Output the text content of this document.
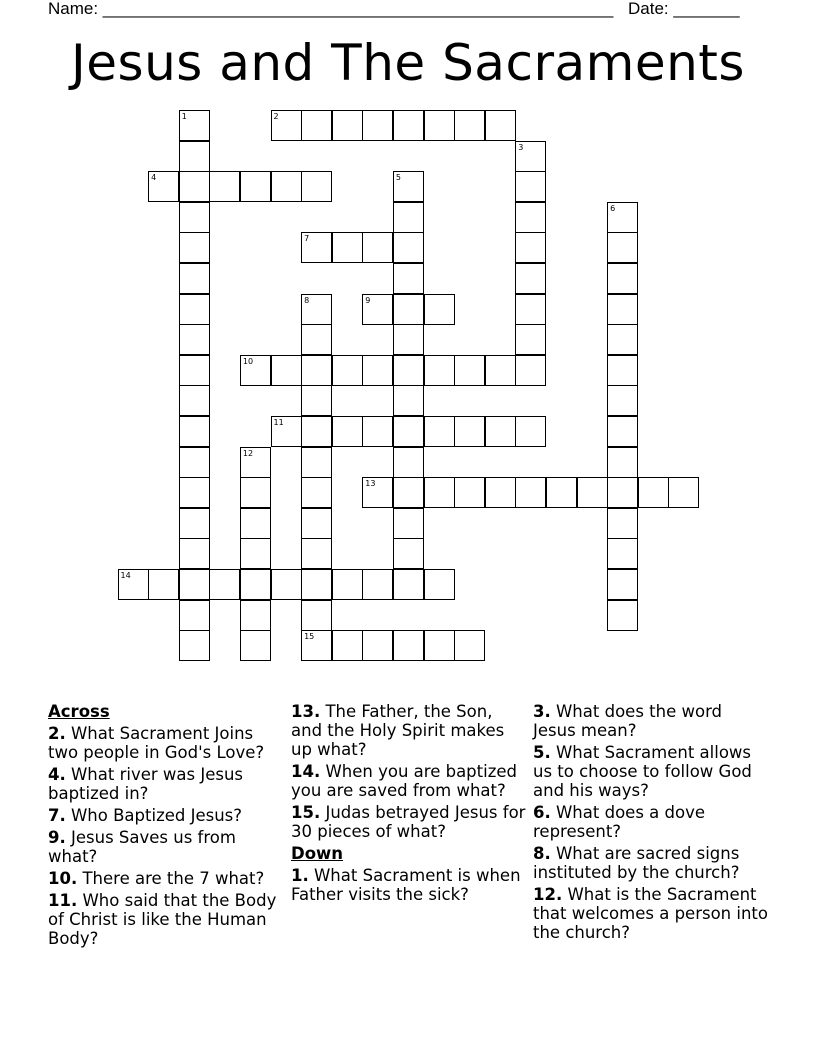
Name: ______________________________________________________ Date: _______
Jesus and The Sacraments
1	2
3
4	5
6
7
8
15
9
10
11
12
13
14
Across
2. What Sacrament Joins two people in God's Love?
4. What river was Jesus baptized in?
7. Who Baptized Jesus?
9. Jesus Saves us from what?
10. There are the 7 what?
11. Who said that the Body of Christ is like the Human Body?
13. The Father, the Son, and the Holy Spirit makes up what?
14. When you are baptized you are saved from what?
15. Judas betrayed Jesus for 30 pieces of what?
Down
1. What Sacrament is when Father visits the sick?
3. What does the word Jesus mean?
5. What Sacrament allows us to choose to follow God and his ways?
6. What does a dove represent?
8. What are sacred signs instituted by the church?
12. What is the Sacrament that welcomes a person into the church?
